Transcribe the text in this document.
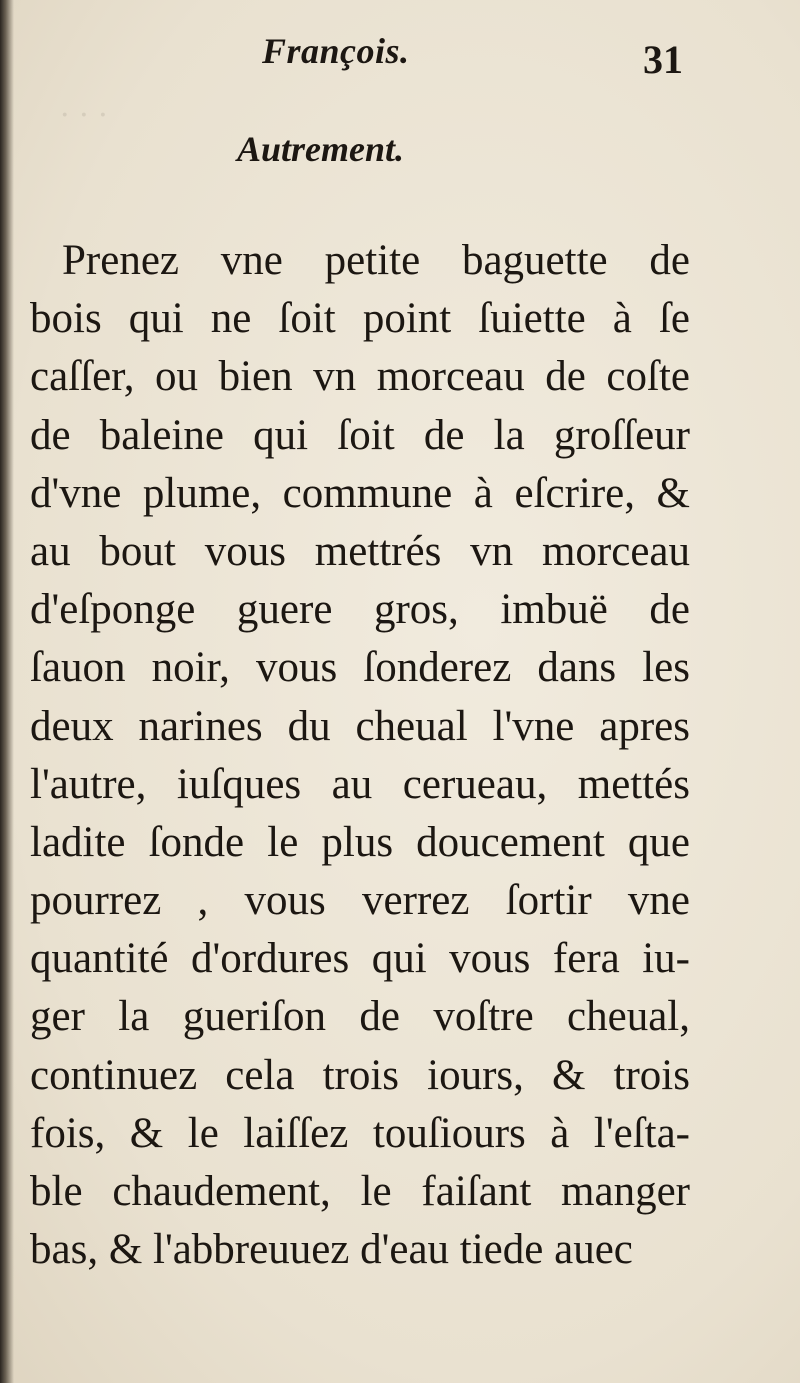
· · ·
François.	31
Autrement.
Prenez vne petite baguette de
bois qui ne ſoit point ſuiette à ſe
caſſer, ou bien vn morceau de coſte
de baleine qui ſoit de la groſſeur
d'vne plume, commune à eſcrire, &
au bout vous mettrés vn morceau
d'eſponge guere gros, imbuë de
ſauon noir, vous ſonderez dans les
deux narines du cheual l'vne apres
l'autre, iuſques au cerueau, mettés
ladite ſonde le plus doucement que
pourrez , vous verrez ſortir vne
quantité d'ordures qui vous fera iu-
ger la gueriſon de voſtre cheual,
continuez cela trois iours, & trois
fois, & le laiſſez touſiours à l'eſta-
ble chaudement, le faiſant manger
bas, & l'abbreuuez d'eau tiede auec
